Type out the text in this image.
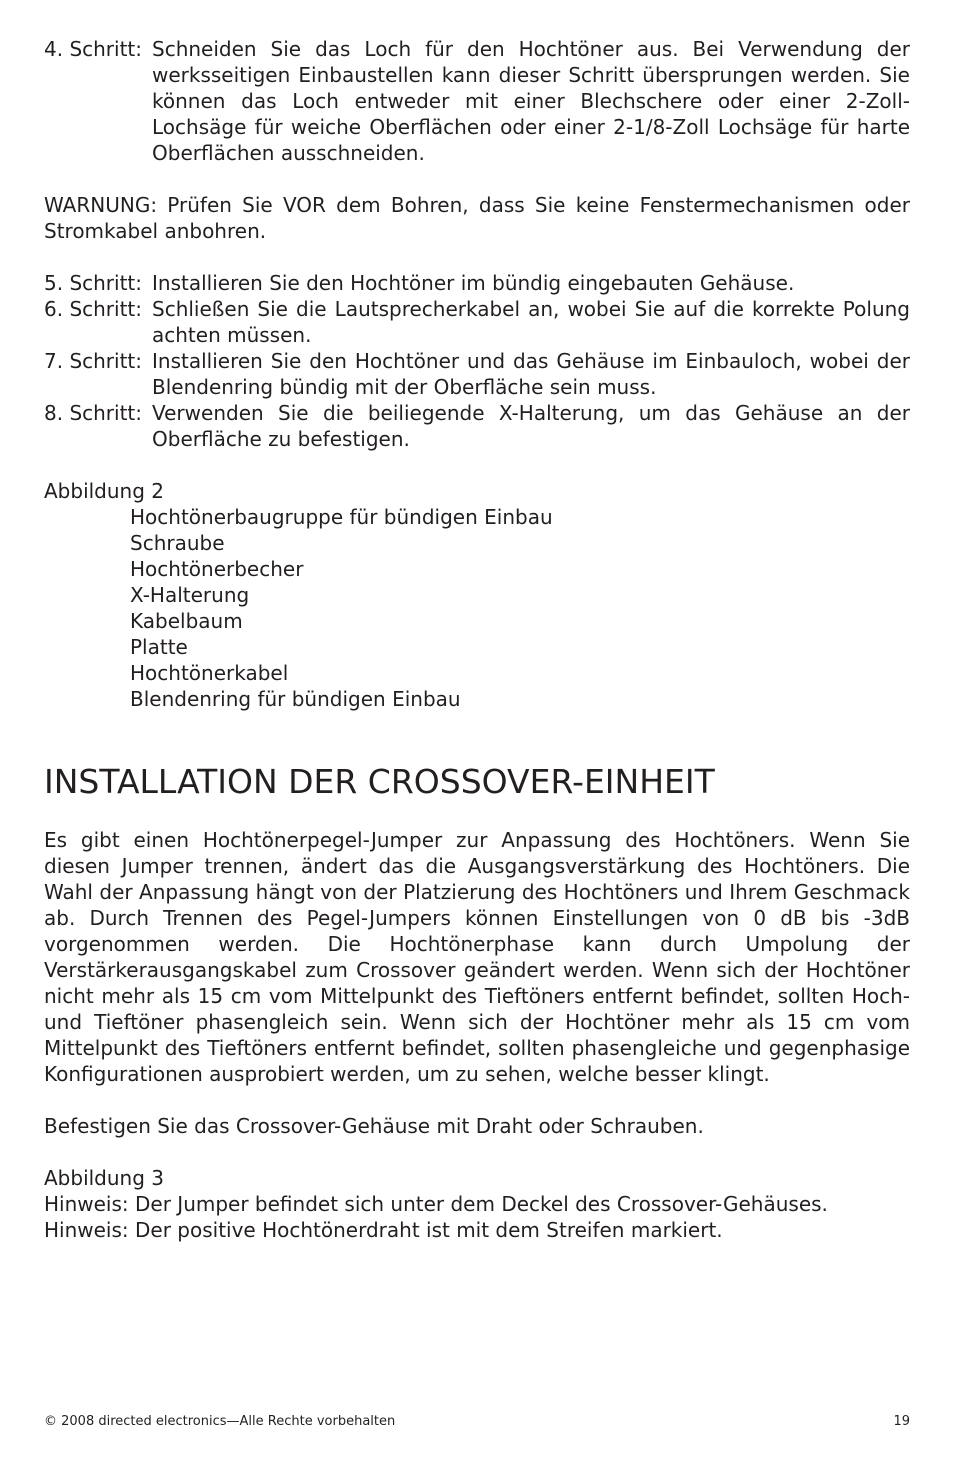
4. Schritt: Schneiden Sie das Loch für den Hochtöner aus. Bei Verwendung der werksseitigen Einbaustellen kann dieser Schritt übersprungen werden. Sie können das Loch entweder mit einer Blechschere oder einer 2-Zoll-Lochsäge für weiche Oberflächen oder einer 2-1/8-Zoll Lochsäge für harte Oberflächen ausschneiden.
WARNUNG: Prüfen Sie VOR dem Bohren, dass Sie keine Fenstermechanismen oder Stromkabel anbohren.
5. Schritt: Installieren Sie den Hochtöner im bündig eingebauten Gehäuse.
6. Schritt: Schließen Sie die Lautsprecherkabel an, wobei Sie auf die korrekte Polung achten müssen.
7. Schritt: Installieren Sie den Hochtöner und das Gehäuse im Einbauloch, wobei der Blendenring bündig mit der Oberfläche sein muss.
8. Schritt: Verwenden Sie die beiliegende X-Halterung, um das Gehäuse an der Oberfläche zu befestigen.
Abbildung 2
Hochtönerbaugruppe für bündigen Einbau
Schraube
Hochtönerbecher
X-Halterung
Kabelbaum
Platte
Hochtönerkabel
Blendenring für bündigen Einbau
INSTALLATION DER CROSSOVER-EINHEIT
Es gibt einen Hochtönerpegel-Jumper zur Anpassung des Hochtöners. Wenn Sie diesen Jumper trennen, ändert das die Ausgangsverstärkung des Hochtöners. Die Wahl der Anpassung hängt von der Platzierung des Hochtöners und Ihrem Geschmack ab. Durch Trennen des Pegel-Jumpers können Einstellungen von 0 dB bis -3dB vorgenommen werden. Die Hochtönerphase kann durch Umpolung der Verstärkerausgangskabel zum Crossover geändert werden. Wenn sich der Hochtöner nicht mehr als 15 cm vom Mittelpunkt des Tieftöners entfernt befindet, sollten Hoch- und Tieftöner phasengleich sein. Wenn sich der Hochtöner mehr als 15 cm vom Mittelpunkt des Tieftöners entfernt befindet, sollten phasengleiche und gegenphasige Konfigurationen ausprobiert werden, um zu sehen, welche besser klingt.
Befestigen Sie das Crossover-Gehäuse mit Draht oder Schrauben.
Abbildung 3
Hinweis: Der Jumper befindet sich unter dem Deckel des Crossover-Gehäuses.
Hinweis: Der positive Hochtönerdraht ist mit dem Streifen markiert.
© 2008 directed electronics—Alle Rechte vorbehalten	19
